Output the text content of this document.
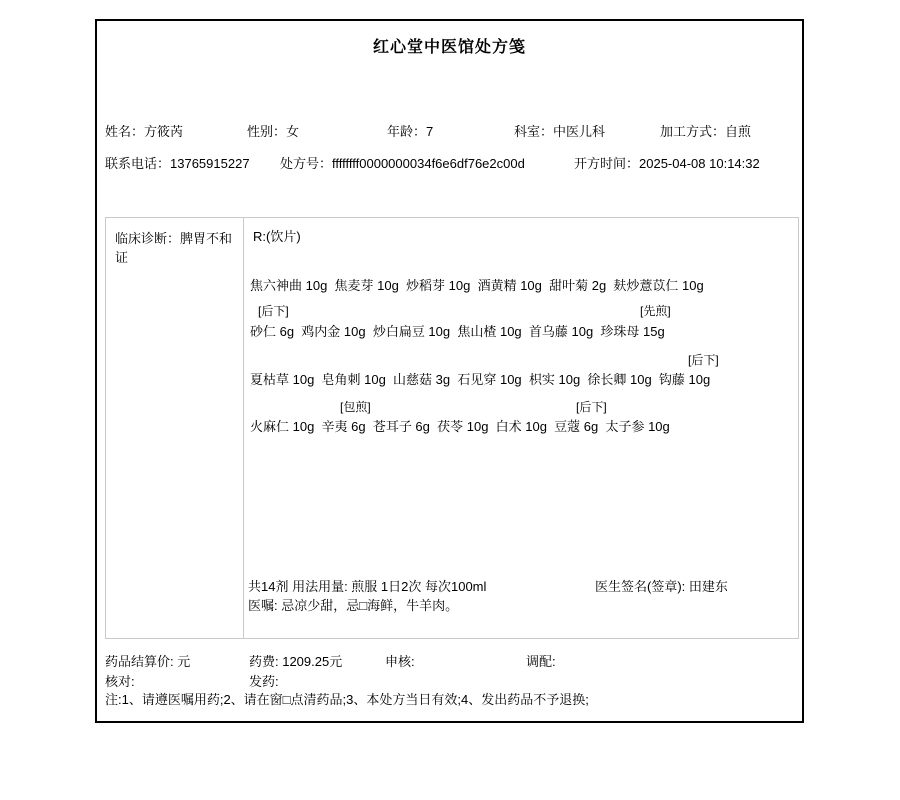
红心堂中医馆处方笺
姓名：方筱芮	性别：女	年龄：7	科室：中医儿科	加工方式：自煎
联系电话：13765915227 处方号：ffffffff0000000034f6e6df76e2c00d	开方时间：2025-04-08 10:14:32
临床诊断：脾胃不和证
R:(饮片)
焦六神曲 10g  焦麦芽 10g  炒稻芽 10g  酒黄精 10g  甜叶菊 2g  麸炒薏苡仁 10g
[后下]	[先煎]
砂仁 6g  鸡内金 10g  炒白扁豆 10g  焦山楂 10g  首乌藤 10g  珍珠母 15g
[后下]
夏枯草 10g  皂角刺 10g  山慈菇 3g  石见穿 10g  枳实 10g  徐长卿 10g  钩藤 10g
[包煎]	[后下]
火麻仁 10g  辛夷 6g  苍耳子 6g  茯苓 10g  白术 10g  豆蔻 6g  太子参 10g
共14剂 用法用量: 煎服 1日2次 每次100ml	医生签名(签章): 田建东
医嘱: 忌凉少甜，忌□海鲜，牛羊肉。
药品结算价: 元	药费: 1209.25元	申核:	调配:
核对:	发药:
注:1、请遵医嘱用药;2、请在窗□点清药品;3、本处方当日有效;4、发出药品不予退换;
